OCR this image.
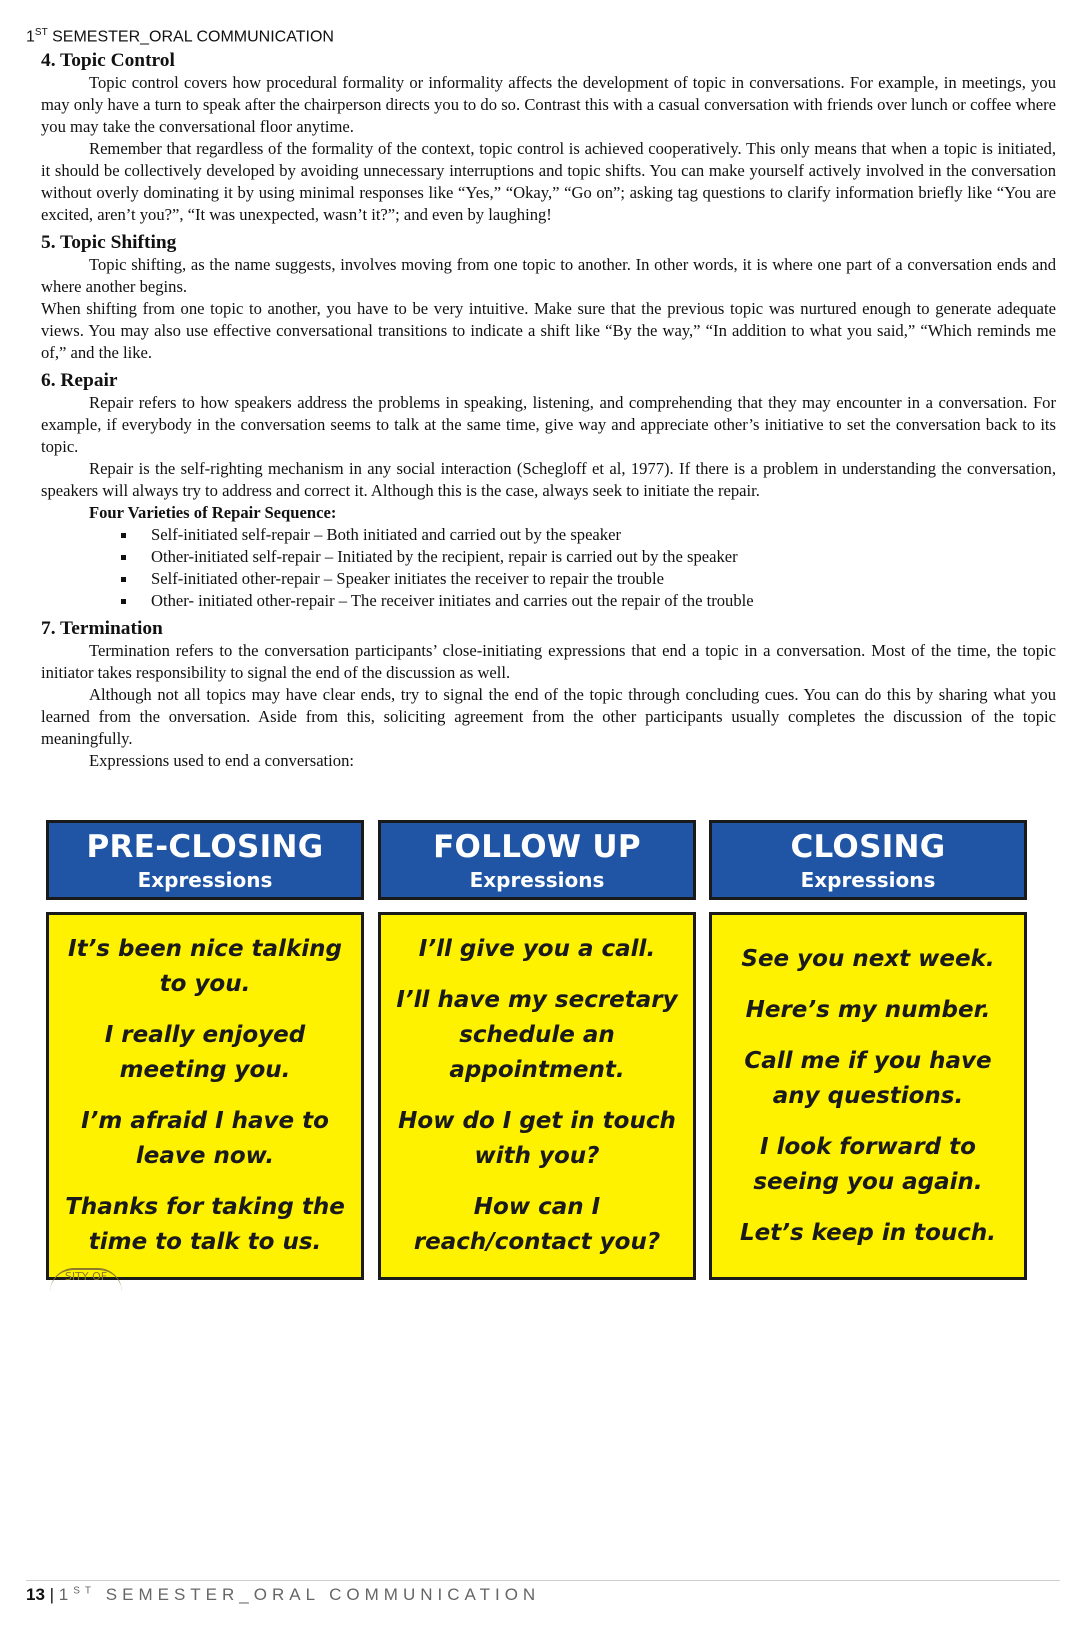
1ST SEMESTER_ORAL COMMUNICATION
4. Topic Control

Topic control covers how procedural formality or informality affects the development of topic in conversations. For example, in meetings, you may only have a turn to speak after the chairperson directs you to do so. Contrast this with a casual conversation with friends over lunch or coffee where you may take the conversational floor anytime.

Remember that regardless of the formality of the context, topic control is achieved cooperatively. This only means that when a topic is initiated, it should be collectively developed by avoiding unnecessary interruptions and topic shifts. You can make yourself actively involved in the conversation without overly dominating it by using minimal responses like “Yes,” “Okay,” “Go on”; asking tag questions to clarify information briefly like “You are excited, aren’t you?”, “It was unexpected, wasn’t it?”; and even by laughing!

5. Topic Shifting

Topic shifting, as the name suggests, involves moving from one topic to another. In other words, it is where one part of a conversation ends and where another begins.

When shifting from one topic to another, you have to be very intuitive. Make sure that the previous topic was nurtured enough to generate adequate views. You may also use effective conversational transitions to indicate a shift like “By the way,” “In addition to what you said,” “Which reminds me of,” and the like.

6. Repair

Repair refers to how speakers address the problems in speaking, listening, and comprehending that they may encounter in a conversation. For example, if everybody in the conversation seems to talk at the same time, give way and appreciate other’s initiative to set the conversation back to its topic.

Repair is the self-righting mechanism in any social interaction (Schegloff et al, 1977). If there is a problem in understanding the conversation, speakers will always try to address and correct it. Although this is the case, always seek to initiate the repair.

Four Varieties of Repair Sequence:
Self-initiated self-repair – Both initiated and carried out by the speaker
Other-initiated self-repair – Initiated by the recipient, repair is carried out by the speaker
Self-initiated other-repair – Speaker initiates the receiver to repair the trouble
Other- initiated other-repair – The receiver initiates and carries out the repair of the trouble
7. Termination

Termination refers to the conversation participants’ close-initiating expressions that end a topic in a conversation. Most of the time, the topic initiator takes responsibility to signal the end of the discussion as well.

Although not all topics may have clear ends, try to signal the end of the topic through concluding cues. You can do this by sharing what you learned from the onversation. Aside from this, soliciting agreement from the other participants usually completes the discussion of the topic meaningfully.

Expressions used to end a conversation:

PRE-CLOSING
Expressions
It’s been nice talking to you.
I really enjoyed meeting you.
I’m afraid I have to leave now.
Thanks for taking the time to talk to us.
SITY OF
FOLLOW UP
Expressions
I’ll give you a call.
I’ll have my secretary schedule an appointment.
How do I get in touch with you?
How can I reach/contact you?
CLOSING
Expressions
See you next week.
Here’s my number.
Call me if you have any questions.
I look forward to seeing you again.
Let’s keep in touch.
13 | 1ST SEMESTER_ORAL COMMUNICATION
